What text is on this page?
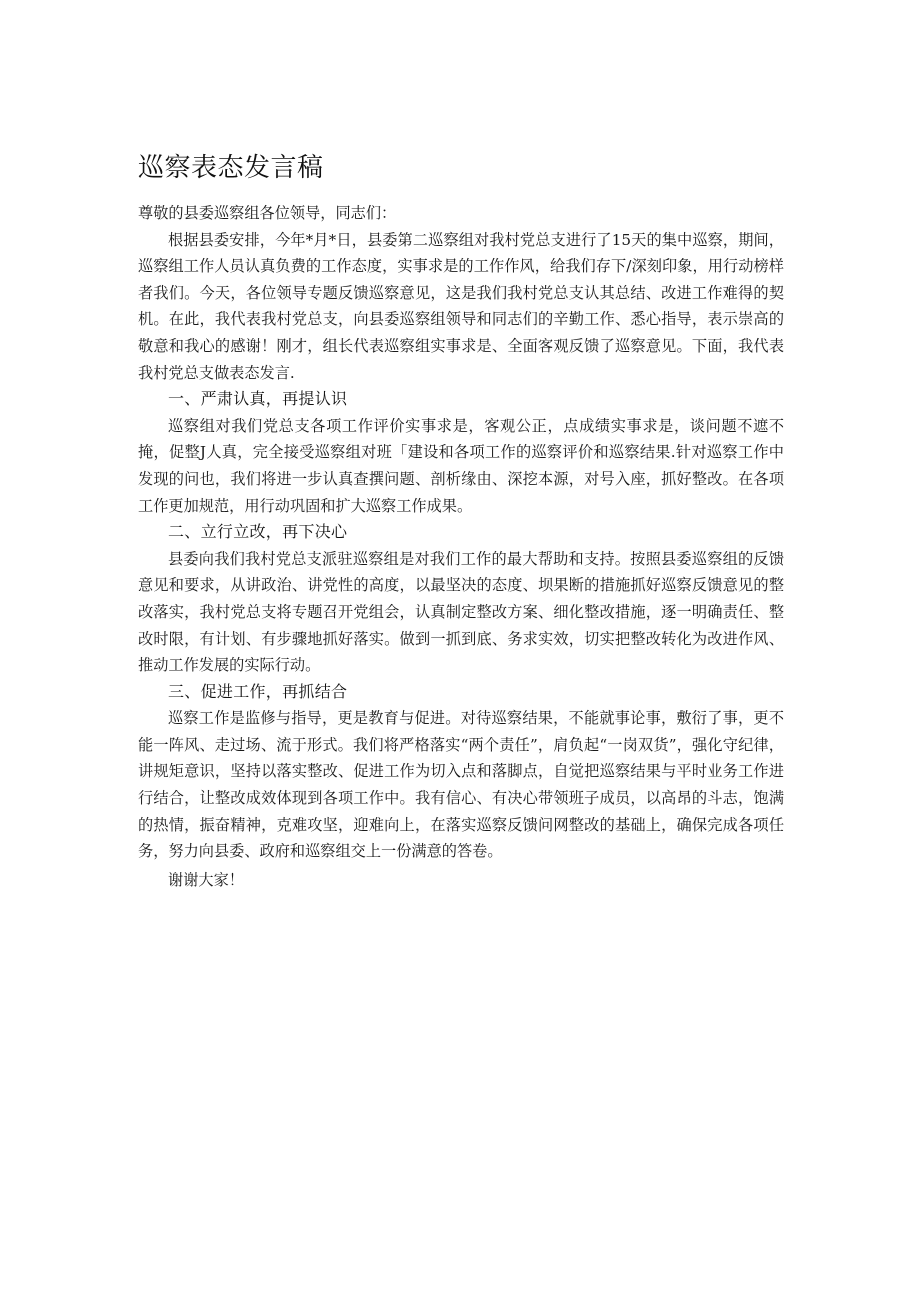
巡察表态发言稿

尊敬的县委巡察组各位领导，同志们：

根据县委安排，今年*月*日，县委第二巡察组对我村党总支进行了15天的集中巡察，期间，巡察组工作人员认真负费的工作态度，实事求是的工作作风，给我们存下/深刻印象，用行动榜样者我们。今天，各位领导专题反馈巡察意见，这是我们我村党总支认其总结、改进工作难得的契机。在此，我代表我村党总支，向县委巡察组领导和同志们的辛勤工作、悉心指导，表示崇高的敬意和我心的感谢！刚才，组长代表巡察组实事求是、全面客观反馈了巡察意见。下面，我代表我村党总支做表态发言.

一、严肃认真，再提认识

巡察组对我们党总支各项工作评价实事求是，客观公正，点成绩实事求是，谈问题不遮不掩，促整J人真，完全接受巡察组对班「建设和各项工作的巡察评价和巡察结果.针对巡察工作中发现的问也，我们将进一步认真查撰问题、剖析缘由、深挖本源，对号入座，抓好整改。在各项工作更加规范，用行动巩固和扩大巡察工作成果。

二、立行立改，再下决心

县委向我们我村党总支派驻巡察组是对我们工作的最大帮助和支持。按照县委巡察组的反馈意见和要求，从讲政治、讲党性的高度，以最坚决的态度、坝果断的措施抓好巡察反馈意见的整改落实，我村党总支将专题召开党组会，认真制定整改方案、细化整改措施，逐一明确责任、整改时限，有计划、有步骤地抓好落实。做到一抓到底、务求实效，切实把整改转化为改进作风、推动工作发展的实际行动。

三、促进工作，再抓结合

巡察工作是监修与指导，更是教育与促进。对待巡察结果，不能就事论事，敷衍了事，更不能一阵风、走过场、流于形式。我们将严格落实“两个责任”，肩负起“一岗双货”，强化守纪律，讲规矩意识，坚持以落实整改、促进工作为切入点和落脚点，自觉把巡察结果与平时业务工作进行结合，让整改成效体现到各项工作中。我有信心、有决心带领班子成员，以高昂的斗志，饱满的热情，振奋精神，克难攻坚，迎难向上，在落实巡察反馈问网整改的基础上，确保完成各项任务，努力向县委、政府和巡察组交上一份满意的答卷。

谢谢大家！
